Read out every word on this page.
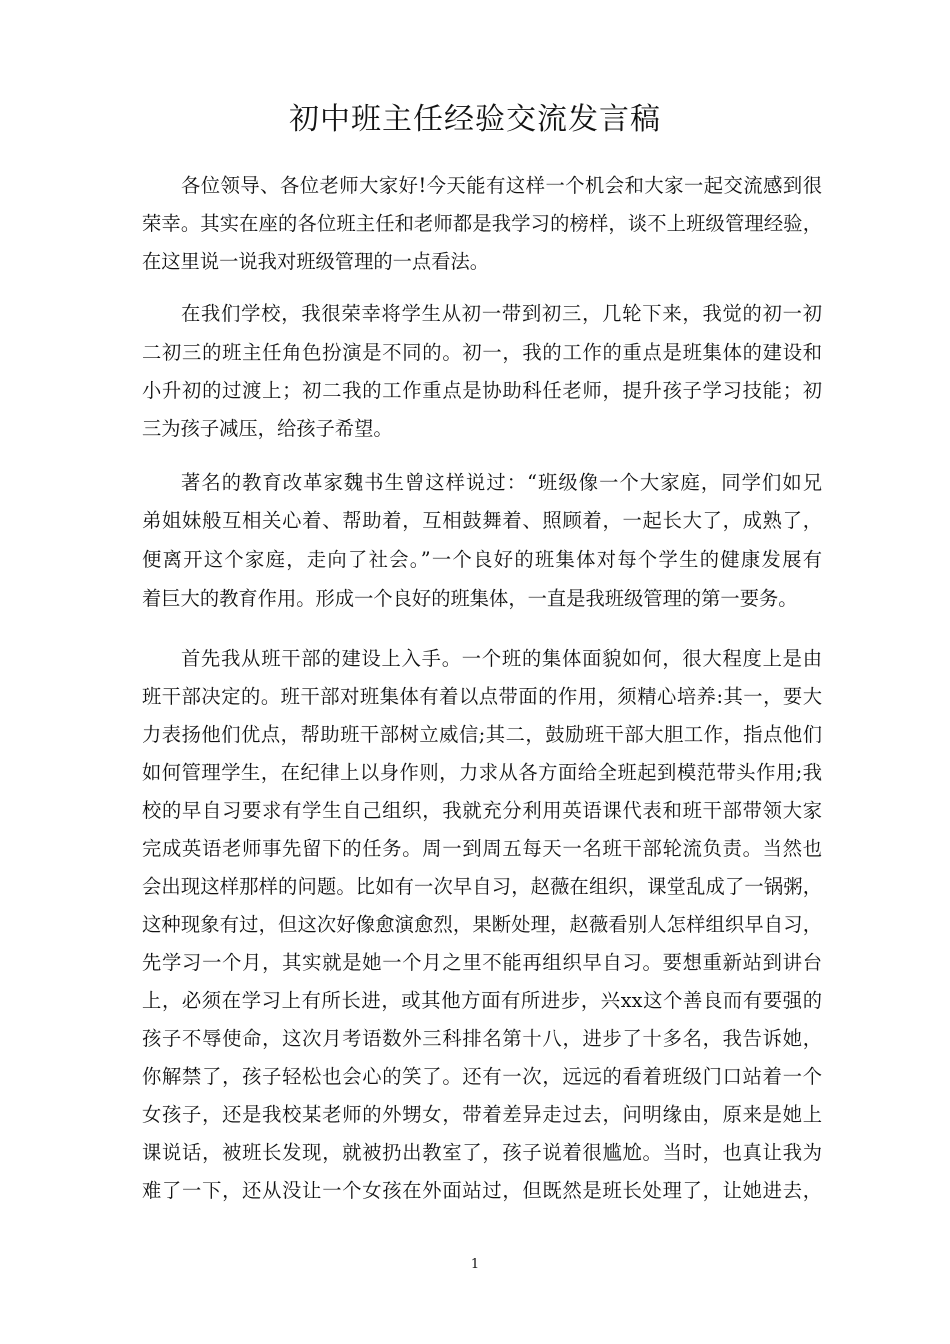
初中班主任经验交流发言稿

各位领导、各位老师大家好!今天能有这样一个机会和大家一起交流感到很

荣幸。其实在座的各位班主任和老师都是我学习的榜样，谈不上班级管理经验，

在这里说一说我对班级管理的一点看法。

在我们学校，我很荣幸将学生从初一带到初三，几轮下来，我觉的初一初

二初三的班主任角色扮演是不同的。初一，我的工作的重点是班集体的建设和

小升初的过渡上；初二我的工作重点是协助科任老师，提升孩子学习技能；初

三为孩子减压，给孩子希望。

著名的教育改革家魏书生曾这样说过：“班级像一个大家庭，同学们如兄

弟姐妹般互相关心着、帮助着，互相鼓舞着、照顾着，一起长大了，成熟了，

便离开这个家庭，走向了社会。”一个良好的班集体对每个学生的健康发展有

着巨大的教育作用。形成一个良好的班集体，一直是我班级管理的第一要务。

首先我从班干部的建设上入手。一个班的集体面貌如何，很大程度上是由

班干部决定的。班干部对班集体有着以点带面的作用，须精心培养:其一，要大

力表扬他们优点，帮助班干部树立威信;其二，鼓励班干部大胆工作，指点他们

如何管理学生，在纪律上以身作则，力求从各方面给全班起到模范带头作用;我

校的早自习要求有学生自己组织，我就充分利用英语课代表和班干部带领大家

完成英语老师事先留下的任务。周一到周五每天一名班干部轮流负责。当然也

会出现这样那样的问题。比如有一次早自习，赵薇在组织，课堂乱成了一锅粥，

这种现象有过，但这次好像愈演愈烈，果断处理，赵薇看别人怎样组织早自习，

先学习一个月，其实就是她一个月之里不能再组织早自习。要想重新站到讲台

上，必须在学习上有所长进，或其他方面有所进步，兴xx这个善良而有要强的

孩子不辱使命，这次月考语数外三科排名第十八，进步了十多名，我告诉她，

你解禁了，孩子轻松也会心的笑了。还有一次，远远的看着班级门口站着一个

女孩子，还是我校某老师的外甥女，带着差异走过去，问明缘由，原来是她上

课说话，被班长发现，就被扔出教室了，孩子说着很尴尬。当时，也真让我为

难了一下，还从没让一个女孩在外面站过，但既然是班长处理了，让她进去，

1
